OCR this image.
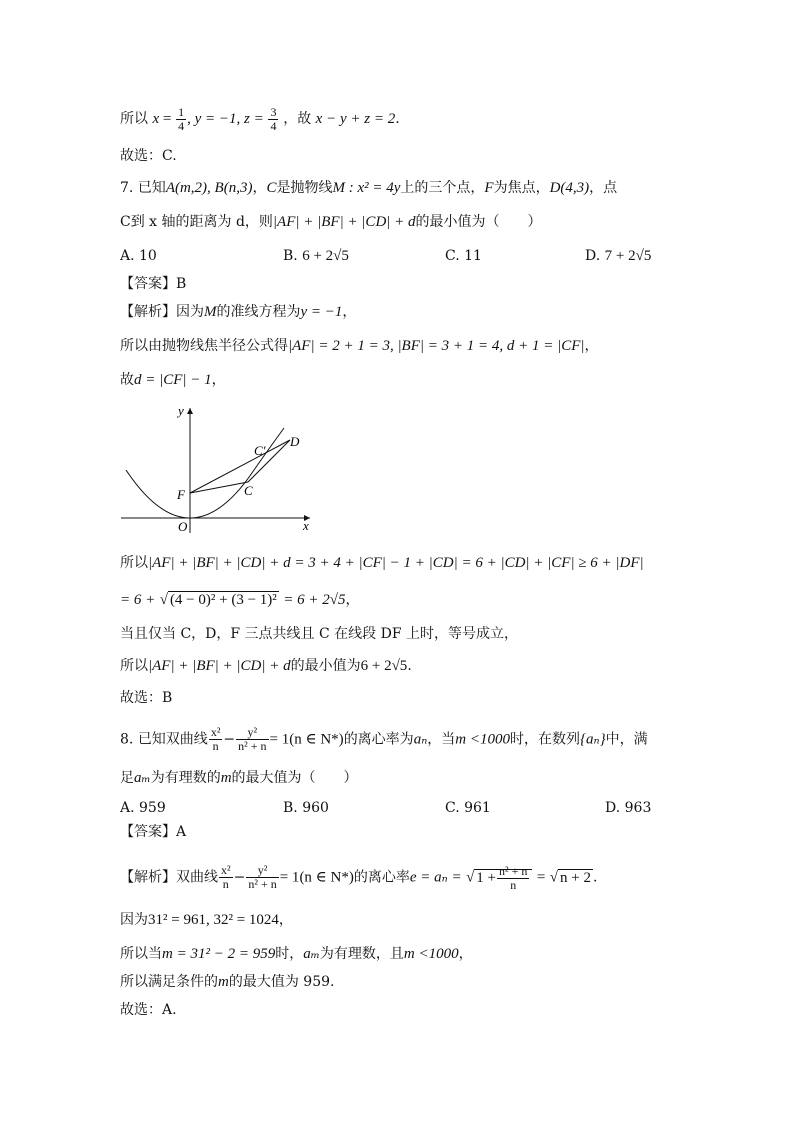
所以 $x = \frac{1}{4}$ , y = −1, $z = \frac{3}{4}$ ，故 x − y + z = 2.
故选：C.
7. 已知A(m,2), B(n,3)，C是抛物线M : x² = 4y上的三个点，F为焦点，D(4,3)，点
C到 x 轴的距离为 d，则|AF| + |BF| + |CD| + d的最小值为（　　）
A. 10	B. 6 + 2√5	C. 11	D. 7 + 2√5
【答案】B
【解析】因为M的准线方程为y = −1，
所以由抛物线焦半径公式得|AF| = 2 + 1 = 3, |BF| = 3 + 1 = 4, d + 1 = |CF|，
故d = |CF| − 1，
y
x
O
F	C
C′
D
所以|AF| + |BF| + |CD| + d = 3 + 4 + |CF| − 1 + |CD| = 6 + |CD| + |CF| ≥ 6 + |DF|
= 6 + √ (4 − 0)² + (3 − 1)² = 6 + 2√5，
当且仅当 C，D，F 三点共线且 C 在线段 DF 上时，等号成立，
所以|AF| + |BF| + |CD| + d的最小值为6 + 2√5.
故选：B
8. 已知双曲线 $\frac{\text{x²}}{n} - \frac{\text{y²}}{\text{n² + n}} = 1(n$ ∈ N*)的离心率为aₙ，当m <1000时，在数列{aₙ}中，满
足aₘ为有理数的m的最大值为（　　）
A. 959	B. 960	C. 961	D. 963
【答案】A
【解析】双曲线 $\frac{\text{x²}}{n} - \frac{\text{y²}}{\text{n² + n}} = 1(n$ ∈ N*)的离心率e = aₙ = √ $1 + \frac{\text{n² + n}}{n}$ = √ n + 2 .
因为31² = 961, 32² = 1024，
所以当m = 31² − 2 = 959时，aₘ为有理数，且m <1000，
所以满足条件的m的最大值为 959.
故选：A.
